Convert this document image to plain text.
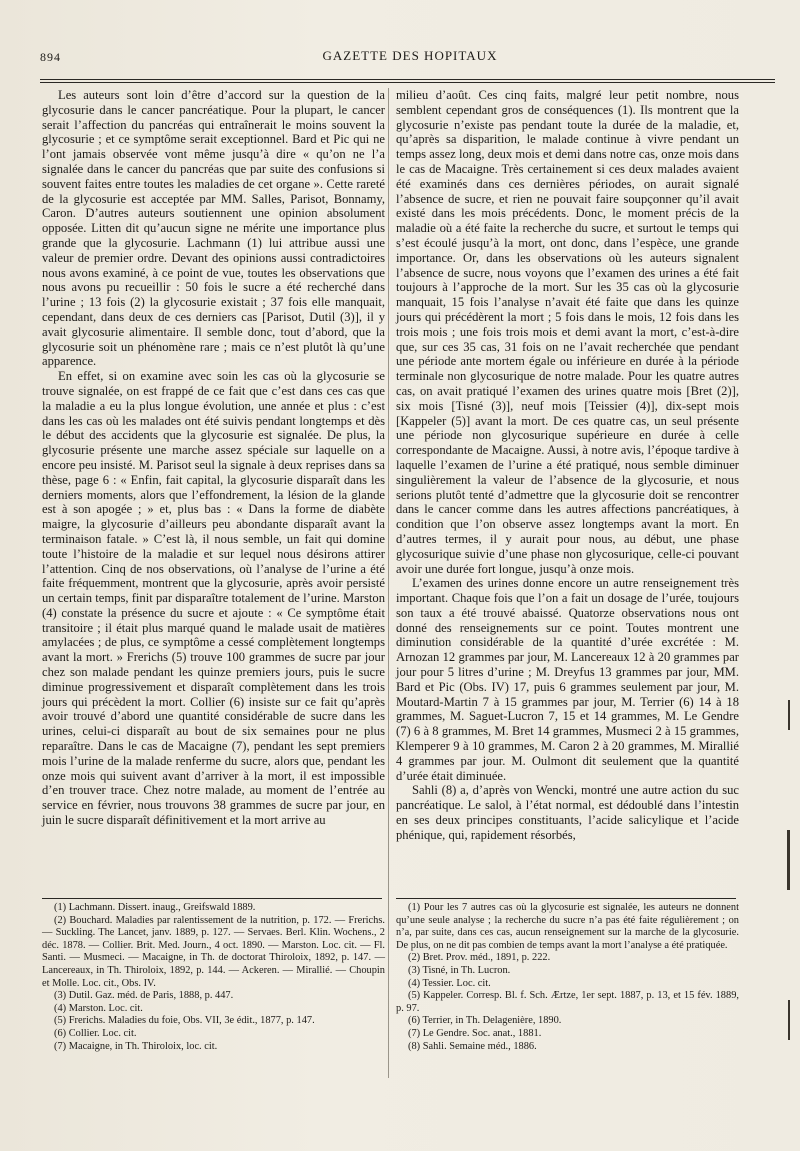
894	GAZETTE DES HOPITAUX

Les auteurs sont loin d’être d’accord sur la question de la glycosurie dans le cancer pancréatique. Pour la plupart, le cancer serait l’affection du pancréas qui entraînerait le moins souvent la glycosurie ; et ce symptôme serait exceptionnel. Bard et Pic qui ne l’ont jamais observée vont même jusqu’à dire « qu’on ne l’a signalée dans le cancer du pancréas que par suite des confusions si souvent faites entre toutes les maladies de cet organe ». Cette rareté de la glycosurie est acceptée par MM. Salles, Parisot, Bonnamy, Caron. D’autres auteurs soutiennent une opinion absolument opposée. Litten dit qu’aucun signe ne mérite une importance plus grande que la glycosurie. Lachmann (1) lui attribue aussi une valeur de premier ordre. Devant des opinions aussi contradictoires nous avons examiné, à ce point de vue, toutes les observations que nous avons pu recueillir : 50 fois le sucre a été recherché dans l’urine ; 13 fois (2) la glycosurie existait ; 37 fois elle manquait, cependant, dans deux de ces derniers cas [Parisot, Dutil (3)], il y avait glycosurie alimentaire. Il semble donc, tout d’abord, que la glycosurie soit un phénomène rare ; mais ce n’est plutôt là qu’une apparence.

En effet, si on examine avec soin les cas où la glycosurie se trouve signalée, on est frappé de ce fait que c’est dans ces cas que la maladie a eu la plus longue évolution, une année et plus : c’est dans les cas où les malades ont été suivis pendant longtemps et dès le début des accidents que la glycosurie est signalée. De plus, la glycosurie présente une marche assez spéciale sur laquelle on a encore peu insisté. M. Parisot seul la signale à deux reprises dans sa thèse, page 6 : « Enfin, fait capital, la glycosurie disparaît dans les derniers moments, alors que l’effondrement, la lésion de la glande est à son apogée ; » et, plus bas : « Dans la forme de diabète maigre, la glycosurie d’ailleurs peu abondante disparaît avant la terminaison fatale. » C’est là, il nous semble, un fait qui domine toute l’histoire de la maladie et sur lequel nous désirons attirer l’attention. Cinq de nos observations, où l’analyse de l’urine a été faite fréquemment, montrent que la glycosurie, après avoir persisté un certain temps, finit par disparaître totalement de l’urine. Marston (4) constate la présence du sucre et ajoute : « Ce symptôme était transitoire ; il était plus marqué quand le malade usait de matières amylacées ; de plus, ce symptôme a cessé complètement longtemps avant la mort. » Frerichs (5) trouve 100 grammes de sucre par jour chez son malade pendant les quinze premiers jours, puis le sucre diminue progressivement et disparaît complètement dans les trois jours qui précèdent la mort. Collier (6) insiste sur ce fait qu’après avoir trouvé d’abord une quantité considérable de sucre dans les urines, celui-ci disparaît au bout de six semaines pour ne plus reparaître. Dans le cas de Macaigne (7), pendant les sept premiers mois l’urine de la malade renferme du sucre, alors que, pendant les onze mois qui suivent avant d’arriver à la mort, il est impossible d’en trouver trace. Chez notre malade, au moment de l’entrée au service en février, nous trouvons 38 grammes de sucre par jour, en juin le sucre disparaît définitivement et la mort arrive au

milieu d’août. Ces cinq faits, malgré leur petit nombre, nous semblent cependant gros de conséquences (1). Ils montrent que la glycosurie n’existe pas pendant toute la durée de la maladie, et, qu’après sa disparition, le malade continue à vivre pendant un temps assez long, deux mois et demi dans notre cas, onze mois dans le cas de Macaigne. Très certainement si ces deux malades avaient été examinés dans ces dernières périodes, on aurait signalé l’absence de sucre, et rien ne pouvait faire soupçonner qu’il avait existé dans les mois précédents. Donc, le moment précis de la maladie où a été faite la recherche du sucre, et surtout le temps qui s’est écoulé jusqu’à la mort, ont donc, dans l’espèce, une grande importance. Or, dans les observations où les auteurs signalent l’absence de sucre, nous voyons que l’examen des urines a été fait toujours à l’approche de la mort. Sur les 35 cas où la glycosurie manquait, 15 fois l’analyse n’avait été faite que dans les quinze jours qui précédèrent la mort ; 5 fois dans le mois, 12 fois dans les trois mois ; une fois trois mois et demi avant la mort, c’est-à-dire que, sur ces 35 cas, 31 fois on ne l’avait recherchée que pendant une période ante mortem égale ou inférieure en durée à la période terminale non glycosurique de notre malade. Pour les quatre autres cas, on avait pratiqué l’examen des urines quatre mois [Bret (2)], six mois [Tisné (3)], neuf mois [Teissier (4)], dix-sept mois [Kappeler (5)] avant la mort. De ces quatre cas, un seul présente une période non glycosurique supérieure en durée à celle correspondante de Macaigne. Aussi, à notre avis, l’époque tardive à laquelle l’examen de l’urine a été pratiqué, nous semble diminuer singulièrement la valeur de l’absence de la glycosurie, et nous serions plutôt tenté d’admettre que la glycosurie doit se rencontrer dans le cancer comme dans les autres affections pancréatiques, à condition que l’on observe assez longtemps avant la mort. En d’autres termes, il y aurait pour nous, au début, une phase glycosurique suivie d’une phase non glycosurique, celle-ci pouvant avoir une durée fort longue, jusqu’à onze mois.

L’examen des urines donne encore un autre renseignement très important. Chaque fois que l’on a fait un dosage de l’urée, toujours son taux a été trouvé abaissé. Quatorze observations nous ont donné des renseignements sur ce point. Toutes montrent une diminution considérable de la quantité d’urée excrétée : M. Arnozan 12 grammes par jour, M. Lancereaux 12 à 20 grammes par jour pour 5 litres d’urine ; M. Dreyfus 13 grammes par jour, MM. Bard et Pic (Obs. IV) 17, puis 6 grammes seulement par jour, M. Moutard-Martin 7 à 15 grammes par jour, M. Terrier (6) 14 à 18 grammes, M. Saguet-Lucron 7, 15 et 14 grammes, M. Le Gendre (7) 6 à 8 grammes, M. Bret 14 grammes, Musmeci 2 à 15 grammes, Klemperer 9 à 10 grammes, M. Caron 2 à 20 grammes, M. Mirallié 4 grammes par jour. M. Oulmont dit seulement que la quantité d’urée était diminuée.

Sahli (8) a, d’après von Wencki, montré une autre action du suc pancréatique. Le salol, à l’état normal, est dédoublé dans l’intestin en ses deux principes constituants, l’acide salicylique et l’acide phénique, qui, rapidement résorbés,

(1) Lachmann. Dissert. inaug., Greifswald 1889.
(2) Bouchard. Maladies par ralentissement de la nutrition, p. 172. — Frerichs. — Suckling. The Lancet, janv. 1889, p. 127. — Servaes. Berl. Klin. Wochens., 2 déc. 1878. — Collier. Brit. Med. Journ., 4 oct. 1890. — Marston. Loc. cit. — Fl. Santi. — Musmeci. — Macaigne, in Th. de doctorat Thiroloix, 1892, p. 147. — Lancereaux, in Th. Thiroloix, 1892, p. 144. — Ackeren. — Mirallié. — Choupin et Molle. Loc. cit., Obs. IV.
(3) Dutil. Gaz. méd. de Paris, 1888, p. 447.
(4) Marston. Loc. cit.
(5) Frerichs. Maladies du foie, Obs. VII, 3e édit., 1877, p. 147.
(6) Collier. Loc. cit.
(7) Macaigne, in Th. Thiroloix, loc. cit.
(1) Pour les 7 autres cas où la glycosurie est signalée, les auteurs ne donnent qu’une seule analyse ; la recherche du sucre n’a pas été faite régulièrement ; on n’a, par suite, dans ces cas, aucun renseignement sur la marche de la glycosurie. De plus, on ne dit pas combien de temps avant la mort l’analyse a été pratiquée.
(2) Bret. Prov. méd., 1891, p. 222.
(3) Tisné, in Th. Lucron.
(4) Tessier. Loc. cit.
(5) Kappeler. Corresp. Bl. f. Sch. Ærtze, 1er sept. 1887, p. 13, et 15 fév. 1889, p. 97.
(6) Terrier, in Th. Delagenière, 1890.
(7) Le Gendre. Soc. anat., 1881.
(8) Sahli. Semaine méd., 1886.
